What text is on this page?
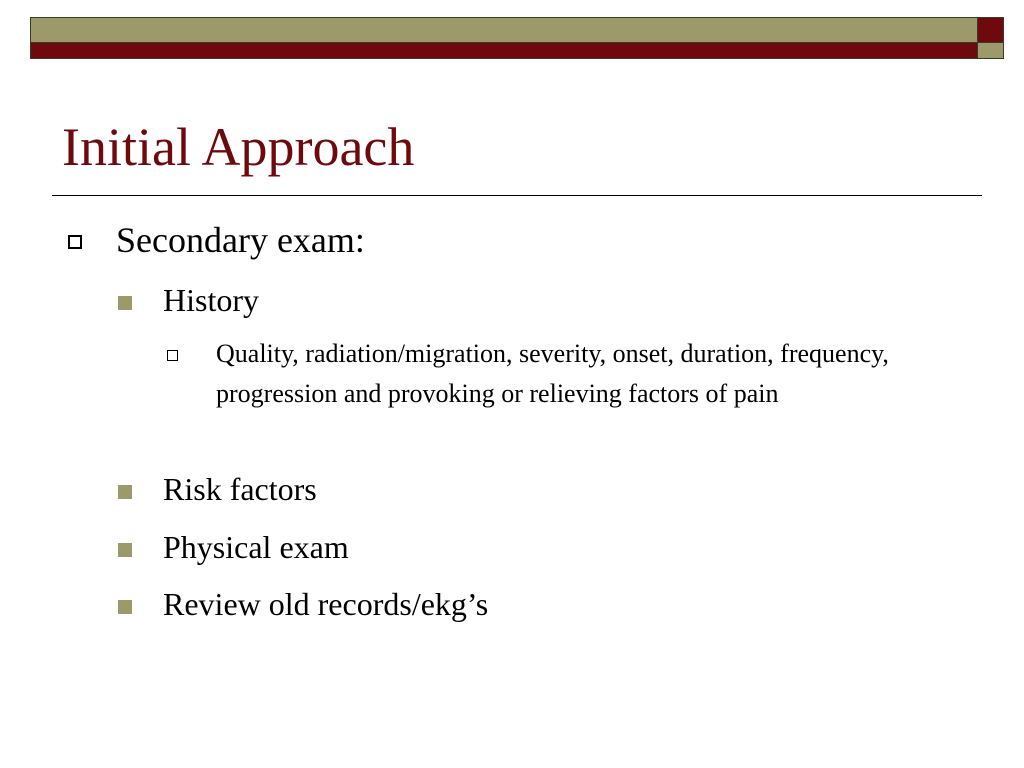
Initial Approach
Secondary exam:
History
Quality, radiation/migration, severity, onset, duration, frequency, progression and provoking or relieving factors of pain
Risk factors
Physical exam
Review old records/ekg’s
